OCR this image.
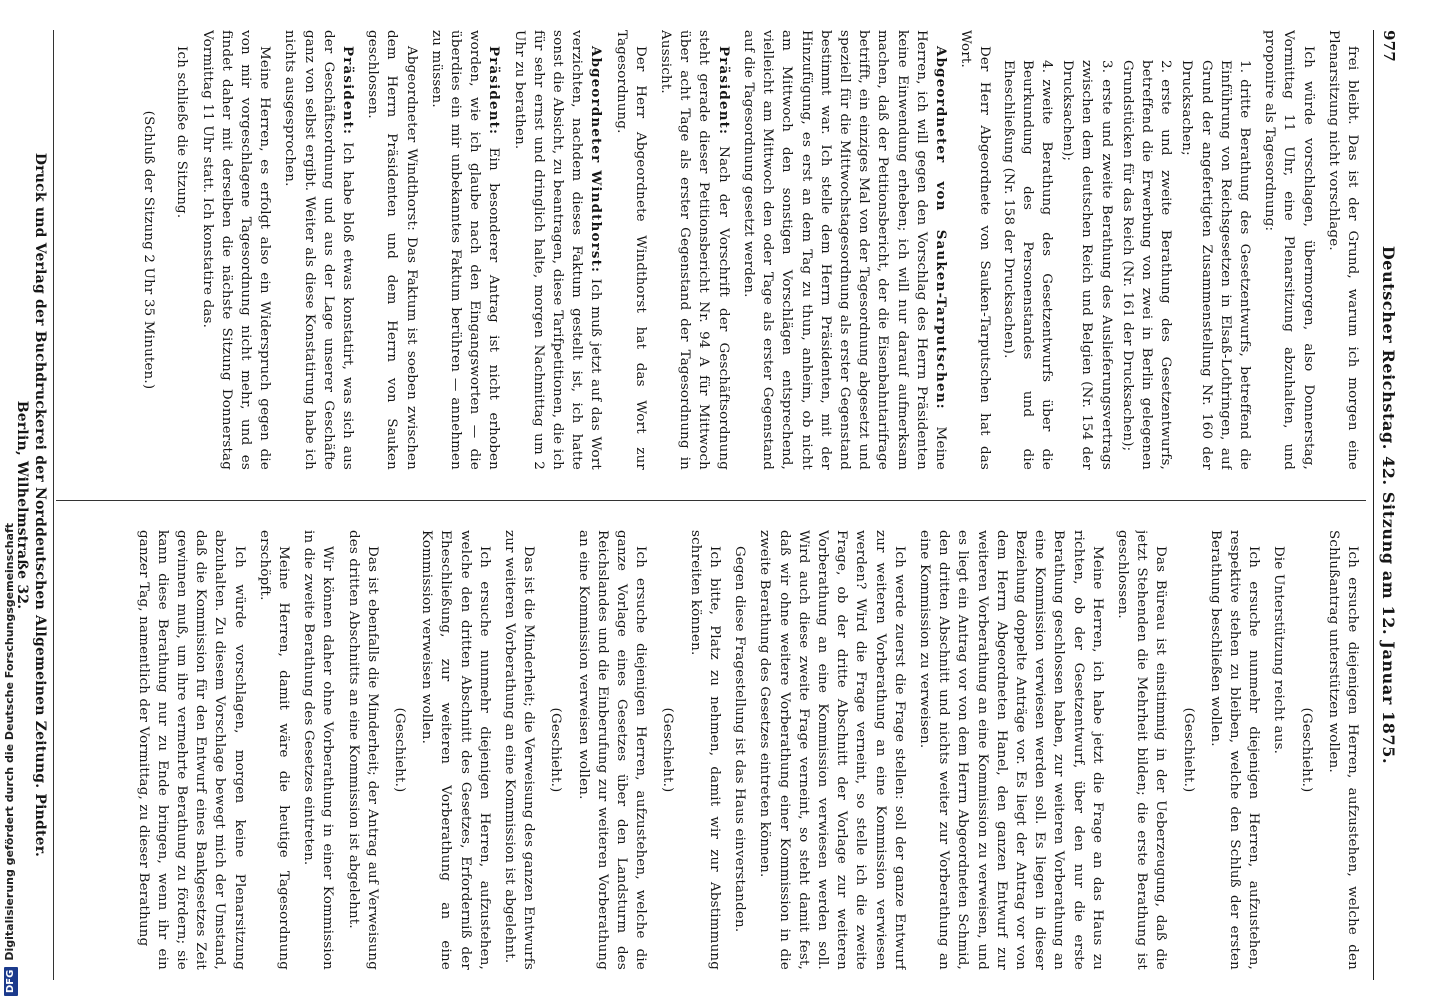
977
Deutscher Reichstag. 42. Sitzung am 12. Januar 1875.

frei bleibt. Das ist der Grund, warum ich morgen eine Plenarsitzung nicht vorschlage.

Ich würde vorschlagen, übermorgen, also Donnerstag, Vormittag 11 Uhr, eine Plenarsitzung abzuhalten, und proponire als Tagesordnung:

1.dritte Berathung des Gesetzentwurfs, betreffend die Einführung von Reichsgesetzen in Elsaß-Lothringen, auf Grund der angefertigten Zusammenstellung Nr. 160 der Drucksachen;
2.erste und zweite Berathung des Gesetzentwurfs, betreffend die Erwerbung von zwei in Berlin gelegenen Grundstücken für das Reich (Nr. 161 der Drucksachen);
3.erste und zweite Berathung des Auslieferungsvertrags zwischen dem deutschen Reich und Belgien (Nr. 154 der Drucksachen);
4.zweite Berathung des Gesetzentwurfs über die Beurkundung des Personenstandes und die Eheschließung (Nr. 158 der Drucksachen).

Der Herr Abgeordnete von Sauken-Tarputschen hat das Wort.

Abgeordneter von Sauken-Tarputschen: Meine Herren, ich will gegen den Vorschlag des Herrn Präsidenten keine Einwendung erheben; ich will nur darauf aufmerksam machen, daß der Petitionsbericht, der die Eisenbahntarifrage betrifft, ein einziges Mal von der Tagesordnung abgesetzt und speziell für die Mittwochstagesordnung als erster Gegenstand bestimmt war. Ich stelle dem Herrn Präsidenten, mit der Hinzufügung, es erst an dem Tag zu thun, anheim, ob nicht am Mittwoch den sonstigen Vorschlägen entsprechend, vielleicht am Mittwoch den oder Tage als erster Gegenstand auf die Tagesordnung gesetzt werden.

Präsident: Nach der Vorschrift der Geschäftsordnung steht gerade dieser Petitionsbericht Nr. 94 A für Mittwoch über acht Tage als erster Gegenstand der Tagesordnung in Aussicht.

Der Herr Abgeordnete Windthorst hat das Wort zur Tagesordnung.

Abgeordneter Windthorst: Ich muß jetzt auf das Wort verzichten, nachdem dieses Faktum gestellt ist, ich hatte sonst die Absicht, zu beantragen, diese Tarifpetitionen, die ich für sehr ernst und dringlich halte, morgen Nachmittag um 2 Uhr zu berathen.

Präsident: Ein besonderer Antrag ist nicht erhoben worden, wie ich glaube nach den Eingangsworten — die überdies ein mir unbekanntes Faktum berühren — annehmen zu müssen.

Abgeordneter Windthorst: Das Faktum ist soeben zwischen dem Herrn Präsidenten und dem Herrn von Sauken geschlossen.

Präsident: Ich habe bloß etwas konstatirt, was sich aus der Geschäftsordnung und aus der Lage unserer Geschäfte ganz von selbst ergibt. Weiter als diese Konstatirung habe ich nichts ausgesprochen.

Meine Herren, es erfolgt also ein Widerspruch gegen die von mir vorgeschlagene Tagesordnung nicht mehr, und es findet daher mit derselben die nächste Sitzung Donnerstag Vormittag 11 Uhr statt. Ich konstatire das.

Ich schließe die Sitzung.

(Schluß der Sitzung 2 Uhr 35 Minuten.)

Ich ersuche diejenigen Herren, aufzustehen, welche den Schlußantrag unterstützen wollen.

(Geschieht.)

Die Unterstützung reicht aus.

Ich ersuche nunmehr diejenigen Herren, aufzustehen, respektive stehen zu bleiben, welche den Schluß der ersten Berathung beschließen wollen.

(Geschieht.)

Das Büreau ist einstimmig in der Ueberzeugung, daß die jetzt Stehenden die Mehrheit bilden; die erste Berathung ist geschlossen.

Meine Herren, ich habe jetzt die Frage an das Haus zu richten, ob der Gesetzentwurf, über den nur die erste Berathung geschlossen haben, zur weiteren Vorberathung an eine Kommission verwiesen werden soll. Es liegen in dieser Beziehung doppelte Anträge vor. Es liegt der Antrag vor von dem Herrn Abgeordneten Hanel, den ganzen Entwurf zur weiteren Vorberathung an eine Kommission zu verweisen, und es liegt ein Antrag vor von dem Herrn Abgeordneten Schmid, den dritten Abschnitt und nichts weiter zur Vorberathung an eine Kommission zu verweisen.

Ich werde zuerst die Frage stellen: soll der ganze Entwurf zur weiteren Vorberathung an eine Kommission verwiesen werden? Wird die Frage verneint, so stelle ich die zweite Frage, ob der dritte Abschnitt der Vorlage zur weiteren Vorberathung an eine Kommission verwiesen werden soll. Wird auch diese zweite Frage verneint, so steht damit fest, daß wir ohne weitere Vorberathung einer Kommission in die zweite Berathung des Gesetzes eintreten können.

Gegen diese Fragestellung ist das Haus einverstanden.

Ich bitte, Platz zu nehmen, damit wir zur Abstimmung schreiten können.

(Geschieht.)

Ich ersuche diejenigen Herren, aufzustehen, welche die ganze Vorlage eines Gesetzes über den Landsturm des Reichslandes und die Einberufung zur weiteren Vorberathung an eine Kommission verweisen wollen.

(Geschieht.)

Das ist die Minderheit; die Verweisung des ganzen Entwurfs zur weiteren Vorberathung an eine Kommission ist abgelehnt.

Ich ersuche nunmehr diejenigen Herren, aufzustehen, welche den dritten Abschnitt des Gesetzes, Erforderniß der Eheschließung, zur weiteren Vorberathung an eine Kommission verweisen wollen.

(Geschieht.)

Das ist ebenfalls die Minderheit; der Antrag auf Verweisung des dritten Abschnitts an eine Kommission ist abgelehnt.

Wir können daher ohne Vorberathung in einer Kommission in die zweite Berathung des Gesetzes eintreten.

Meine Herren, damit wäre die heutige Tagesordnung erschöpft.

Ich würde vorschlagen, morgen keine Plenarsitzung abzuhalten. Zu diesem Vorschlage bewegt mich der Umstand, daß die Kommission für den Entwurf eines Bankgesetzes Zeit gewinnen muß, um ihre vermehrte Berathung zu fördern; sie kann diese Berathung nur zu Ende bringen, wenn ihr ein ganzer Tag, namentlich der Vormittag, zu dieser Berathung

Druck und Verlag der Buchdruckerei der Norddeutschen Allgemeinen Zeitung. Pindter.
Berlin, Wilhelmstraße 32.
DFGDigitalisierung gefördert durch die Deutsche Forschungsgemeinschaft
